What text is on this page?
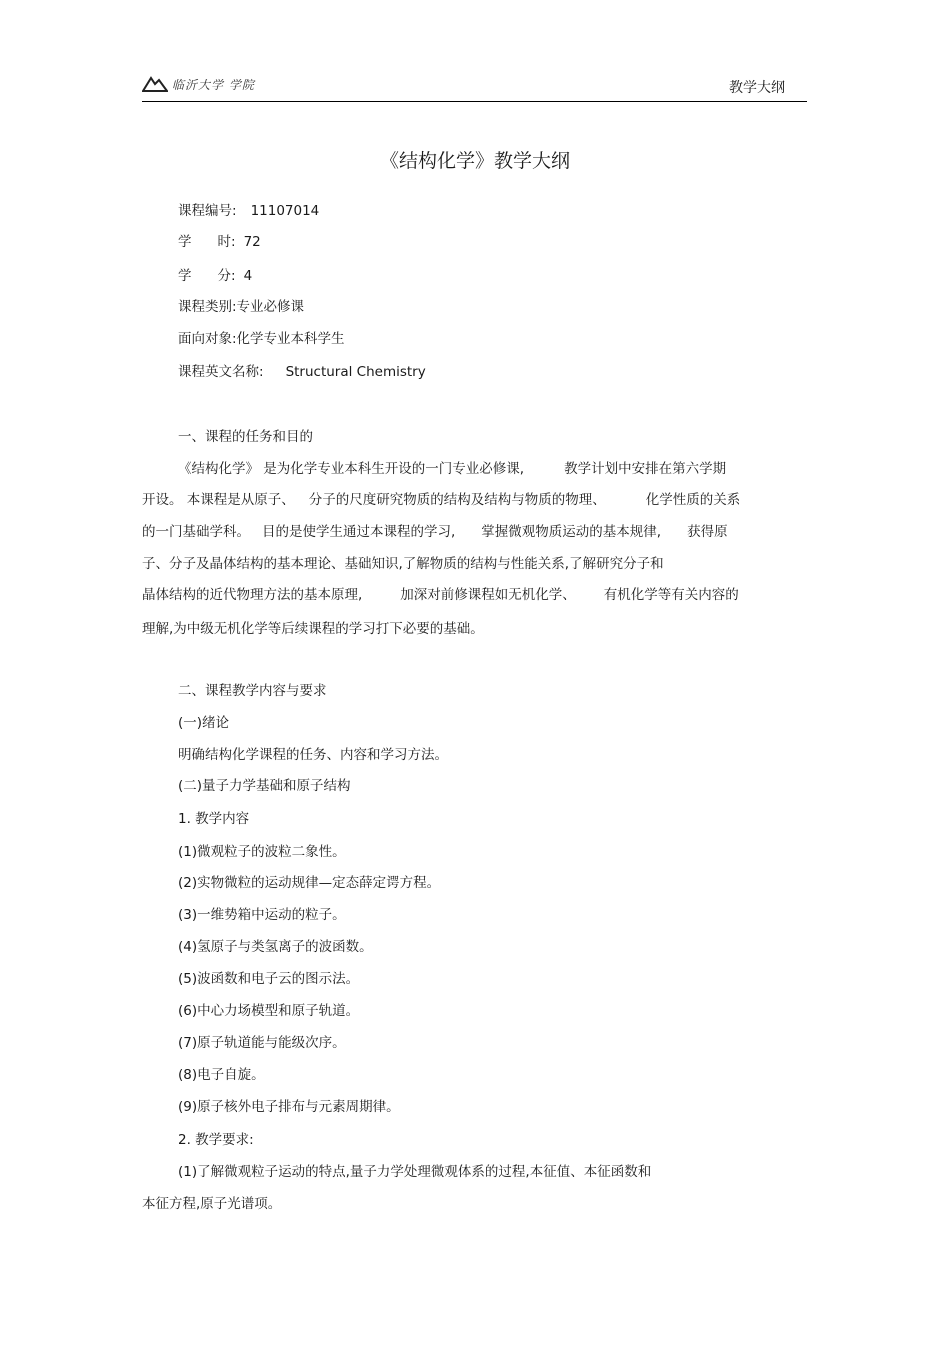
临沂大学 学院	教学大纲
《结构化学》教学大纲
课程编号: 11107014
学 时: 72
学 分: 4
课程类别:专业必修课
面向对象:化学专业本科学生
课程英文名称: Structural Chemistry
一、课程的任务和目的
《结构化学》 是为化学专业本科生开设的一门专业必修课,	教学计划中安排在第六学期
开设。 本课程是从原子、 分子的尺度研究物质的结构及结构与物质的物理、	化学性质的关系
的一门基础学科。 目的是使学生通过本课程的学习, 掌握微观物质运动的基本规律, 获得原
子、分子及晶体结构的基本理论、基础知识,了解物质的结构与性能关系,了解研究分子和
晶体结构的近代物理方法的基本原理,	加深对前修课程如无机化学、 有机化学等有关内容的
理解,为中级无机化学等后续课程的学习打下必要的基础。
二、课程教学内容与要求
(一)绪论
明确结构化学课程的任务、内容和学习方法。
(二)量子力学基础和原子结构
1. 教学内容
(1)微观粒子的波粒二象性。
(2)实物微粒的运动规律—定态薛定谔方程。
(3)一维势箱中运动的粒子。
(4)氢原子与类氢离子的波函数。
(5)波函数和电子云的图示法。
(6)中心力场模型和原子轨道。
(7)原子轨道能与能级次序。
(8)电子自旋。
(9)原子核外电子排布与元素周期律。
2. 教学要求:
(1)了解微观粒子运动的特点,量子力学处理微观体系的过程,本征值、本征函数和
本征方程,原子光谱项。
